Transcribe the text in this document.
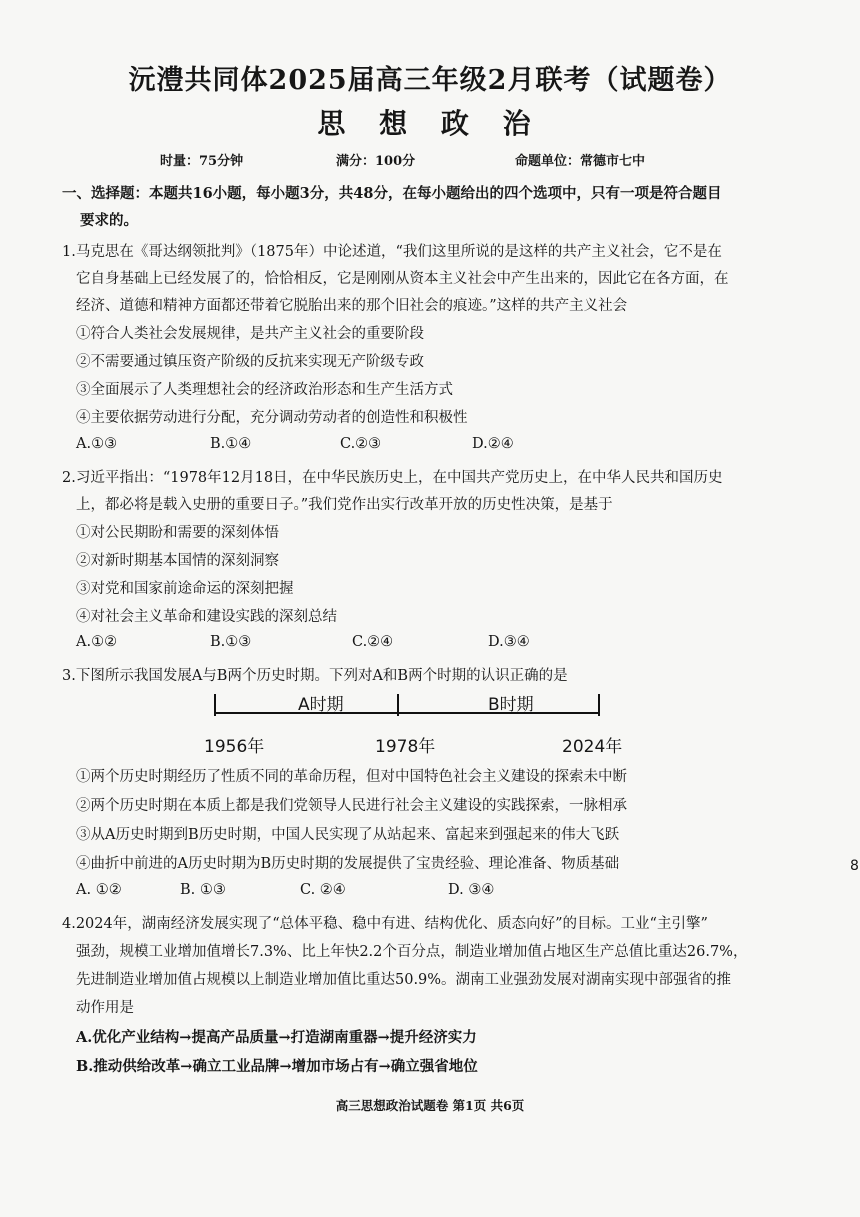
沅澧共同体2025届高三年级2月联考（试题卷）
思 想 政 治
时量：75分钟	满分：100分	命题单位：常德市七中
一、选择题：本题共16小题，每小题3分，共48分，在每小题给出的四个选项中，只有一项是符合题目
要求的。
1.马克思在《哥达纲领批判》（1875年）中论述道，“我们这里所说的是这样的共产主义社会，它不是在
它自身基础上已经发展了的，恰恰相反，它是刚刚从资本主义社会中产生出来的，因此它在各方面，在
经济、道德和精神方面都还带着它脱胎出来的那个旧社会的痕迹。”这样的共产主义社会
①符合人类社会发展规律，是共产主义社会的重要阶段
②不需要通过镇压资产阶级的反抗来实现无产阶级专政
③全面展示了人类理想社会的经济政治形态和生产生活方式
④主要依据劳动进行分配，充分调动劳动者的创造性和积极性
A.①③	B.①④	C.②③	D.②④
2.习近平指出：“1978年12月18日，在中华民族历史上，在中国共产党历史上，在中华人民共和国历史
上，都必将是载入史册的重要日子。”我们党作出实行改革开放的历史性决策，是基于
①对公民期盼和需要的深刻体悟
②对新时期基本国情的深刻洞察
③对党和国家前途命运的深刻把握
④对社会主义革命和建设实践的深刻总结
A.①②	B.①③	C.②④	D.③④
3.下图所示我国发展A与B两个历史时期。下列对A和B两个时期的认识正确的是
A时期	B时期
1956年	1978年	2024年
①两个历史时期经历了性质不同的革命历程，但对中国特色社会主义建设的探索未中断
②两个历史时期在本质上都是我们党领导人民进行社会主义建设的实践探索，一脉相承
③从A历史时期到B历史时期，中国人民实现了从站起来、富起来到强起来的伟大飞跃
④曲折中前进的A历史时期为B历史时期的发展提供了宝贵经验、理论准备、物质基础
A. ①②	B. ①③	C. ②④	D. ③④
8
4.2024年，湖南经济发展实现了“总体平稳、稳中有进、结构优化、质态向好”的目标。工业“主引擎”
强劲，规模工业增加值增长7.3%、比上年快2.2个百分点，制造业增加值占地区生产总值比重达26.7%，
先进制造业增加值占规模以上制造业增加值比重达50.9%。湖南工业强劲发展对湖南实现中部强省的推
动作用是
A.优化产业结构→提高产品质量→打造湖南重器→提升经济实力
B.推动供给改革→确立工业品牌→增加市场占有→确立强省地位
高三思想政治试题卷 第1页 共6页
